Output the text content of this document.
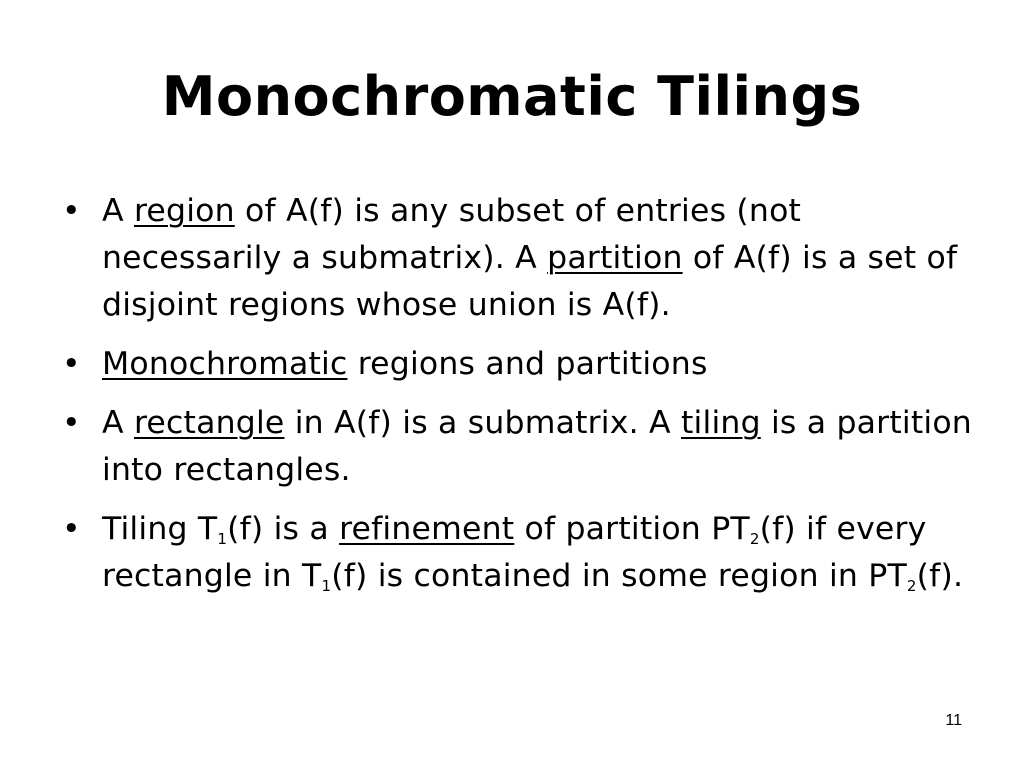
Monochromatic Tilings
• A region of A(f) is any subset of entries (not necessarily a submatrix). A partition of A(f) is a set of disjoint regions whose union is A(f).
• Monochromatic regions and partitions
• A rectangle in A(f) is a submatrix. A tiling is a partition into rectangles.
• Tiling $T_1(f)$ is a refinement of partition $PT_2(f)$ if every rectangle in $T_1(f)$ is contained in some region in $PT_2(f)$.
11
